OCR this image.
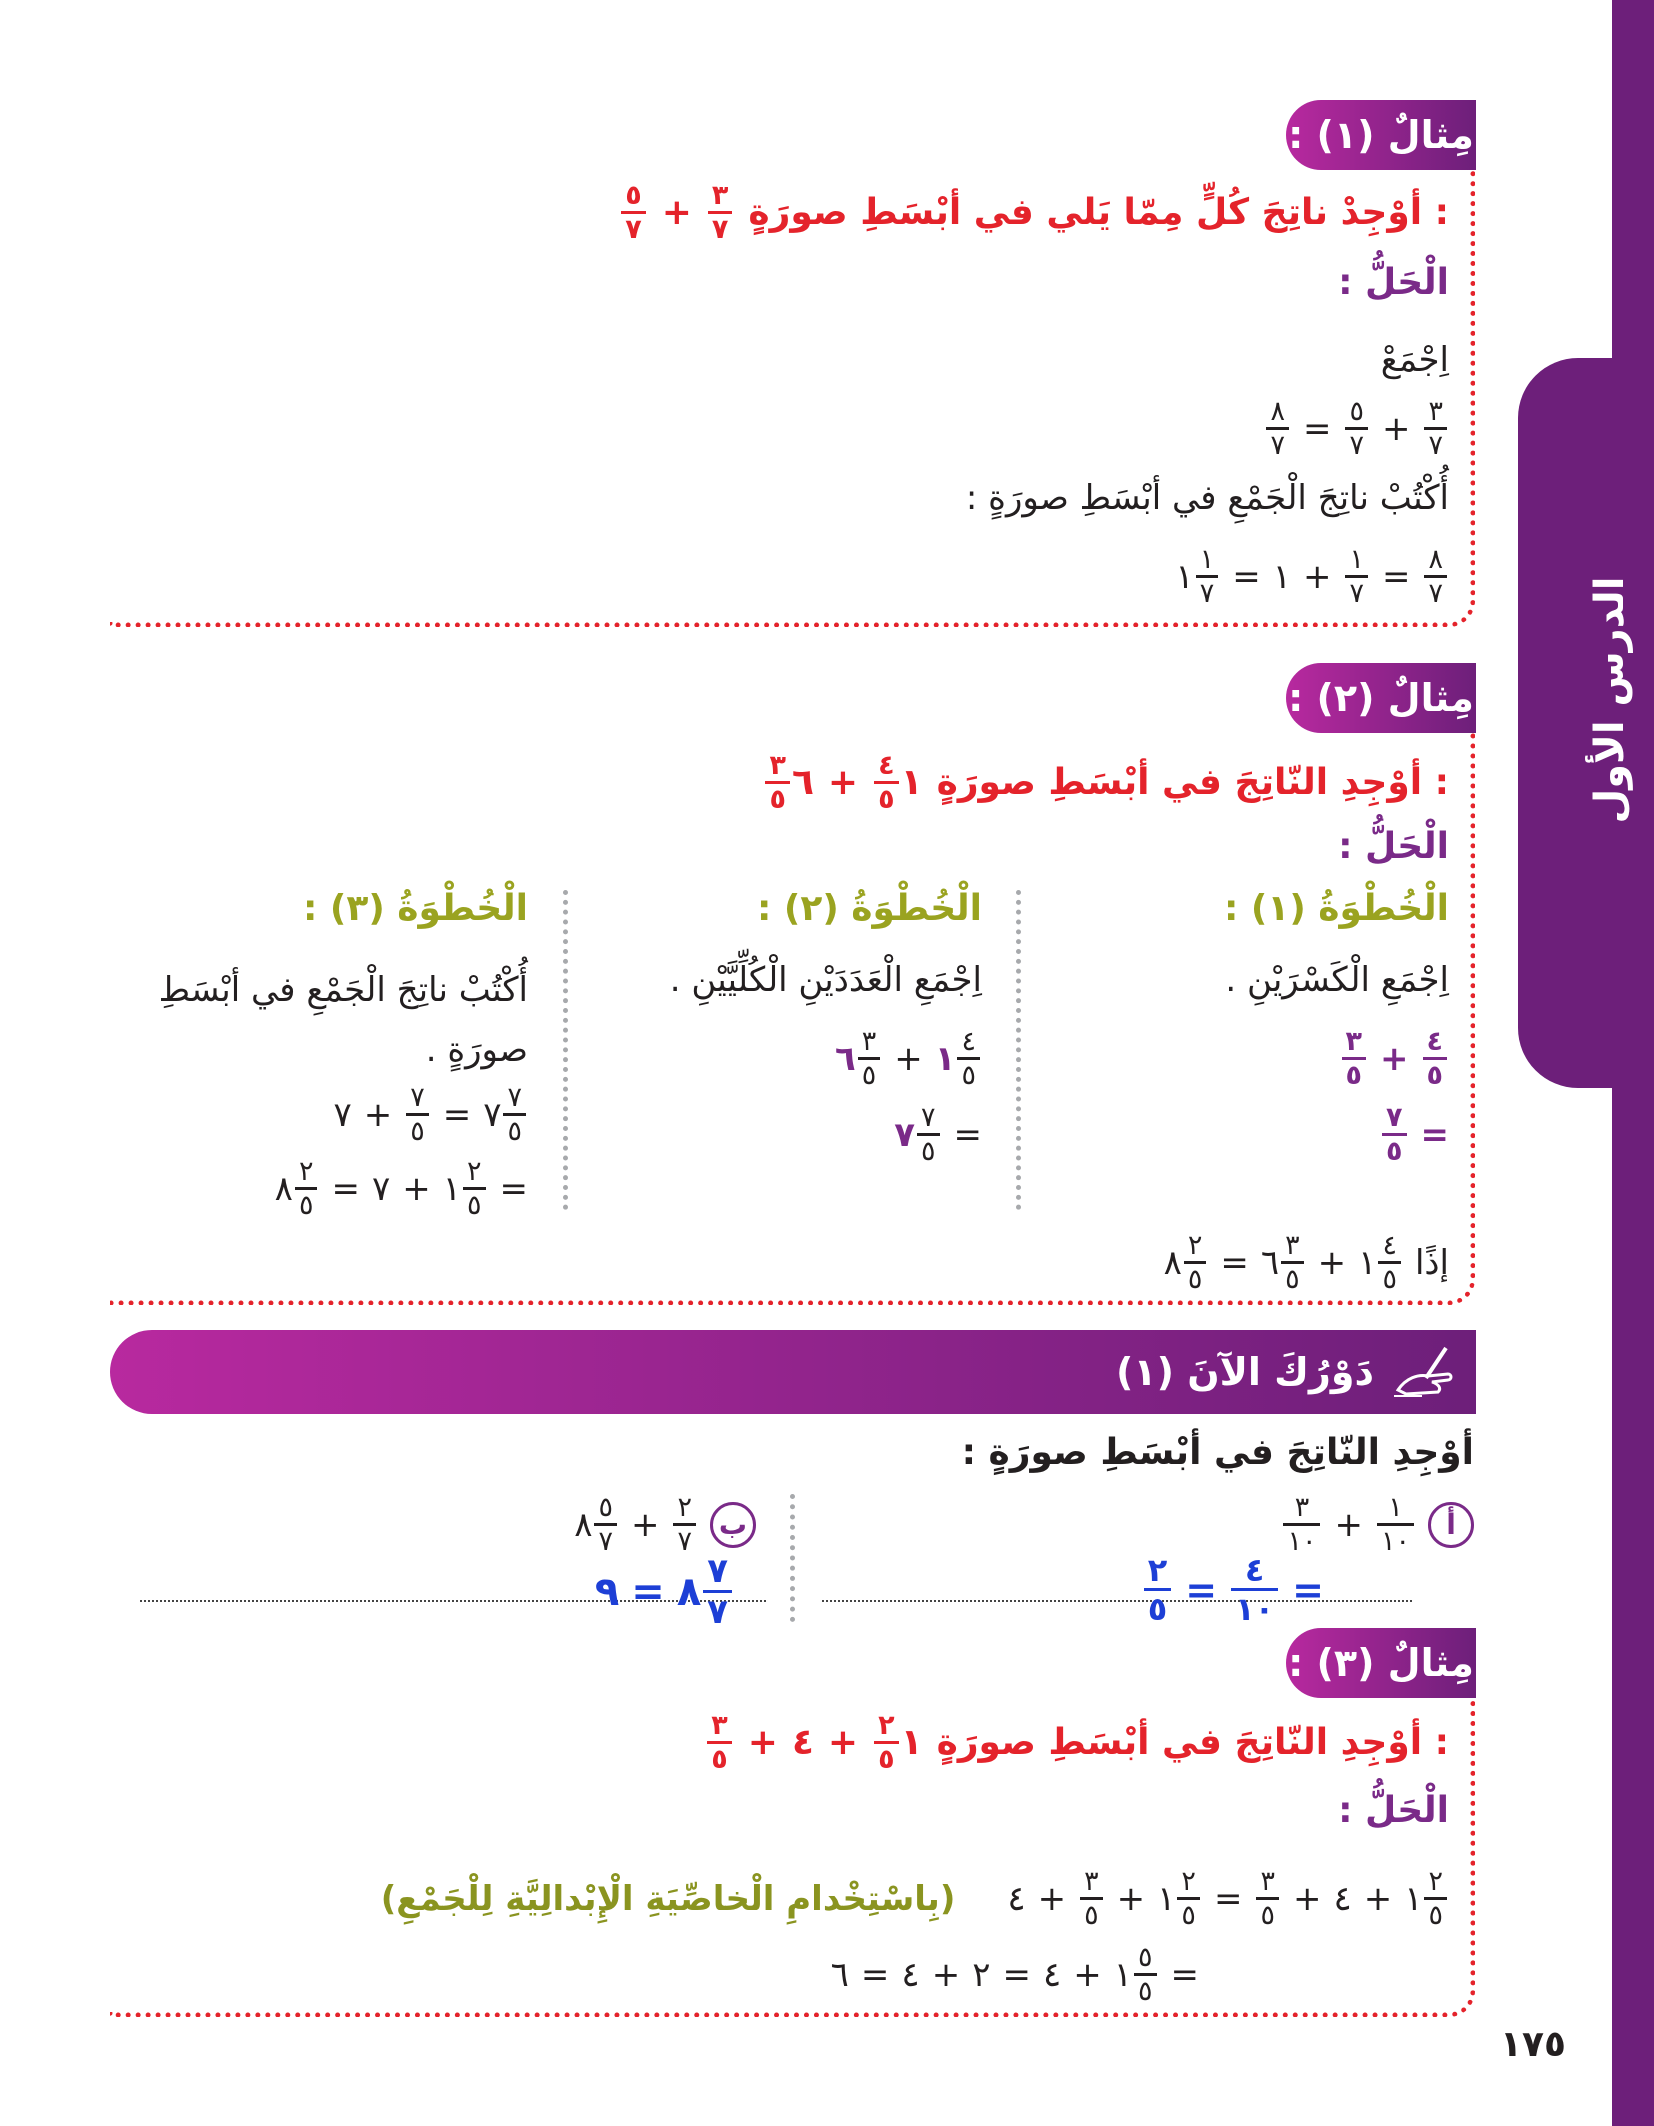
الدرس الأول
مِثالٌ (١) :
أوْجِدْ ناتِجَ كُلٍّ مِمّا يَلي في أبْسَطِ صورَةٍ :
$\frac{٣}{٧}$
+
$\frac{٥}{٧}$
الْحَلُّ :
اِجْمَعْ
$\frac{٣}{٧}$
+
$\frac{٥}{٧}$
=
$\frac{٨}{٧}$
أُكْتُبْ ناتِجَ الْجَمْعِ في أبْسَطِ صورَةٍ :
$\frac{٨}{٧}$
=
$\frac{١}{٧}$
+
١
=
$\frac{١}{٧}$
١
مِثالٌ (٢) :
أوْجِدِ النّاتِجَ في أبْسَطِ صورَةٍ :
١
$\frac{٤}{٥}$
+
٦
$\frac{٣}{٥}$
الْحَلُّ :
الْخُطْوَةُ (١) :
اِجْمَعِ الْكَسْرَيْنِ .
$\frac{٤}{٥}$
+
$\frac{٣}{٥}$
=
$\frac{٧}{٥}$
الْخُطْوَةُ (٢) :
اِجْمَعِ الْعَدَدَيْنِ الْكُلِّيَّيْنِ .
$\frac{٤}{٥}$
١
+
$\frac{٣}{٥}$
٦
=
$\frac{٧}{٥}$
٧
الْخُطْوَةُ (٣) :
أُكْتُبْ ناتِجَ الْجَمْعِ في أبْسَطِ صورَةٍ .
$\frac{٧}{٥}$
٧
=
$\frac{٧}{٥}$
+
٧
=
$\frac{٢}{٥}$
١
+
٧
=
$\frac{٢}{٥}$
٨
إذًا
$\frac{٤}{٥}$
١
+
$\frac{٣}{٥}$
٦
=
$\frac{٢}{٥}$
٨
دَوْرُكَ الآنَ (١)
أوْجِدِ النّاتِجَ في أبْسَطِ صورَةٍ :
أ
$\frac{١}{١٠}$
+
$\frac{٣}{١٠}$
=
$\frac{٤}{١٠}$
=
$\frac{٢}{٥}$
ب
$\frac{٢}{٧}$
+
$\frac{٥}{٧}$
٨
$\frac{٧}{٧}$
٨
=
٩
مِثالٌ (٣) :
أوْجِدِ النّاتِجَ في أبْسَطِ صورَةٍ :
١
$\frac{٢}{٥}$
+
٤
+
$\frac{٣}{٥}$
الْحَلُّ :
$\frac{٢}{٥}$
١
+
٤
+
$\frac{٣}{٥}$
=
$\frac{٢}{٥}$
١
+
$\frac{٣}{٥}$
+
٤
(بِاسْتِخْدامِ الْخاصِّيَةِ الْإِبْدالِيَّةِ لِلْجَمْعِ)
=
$\frac{٥}{٥}$
١
+
٤
=
٢
+
٤
=
٦
١٧٥
